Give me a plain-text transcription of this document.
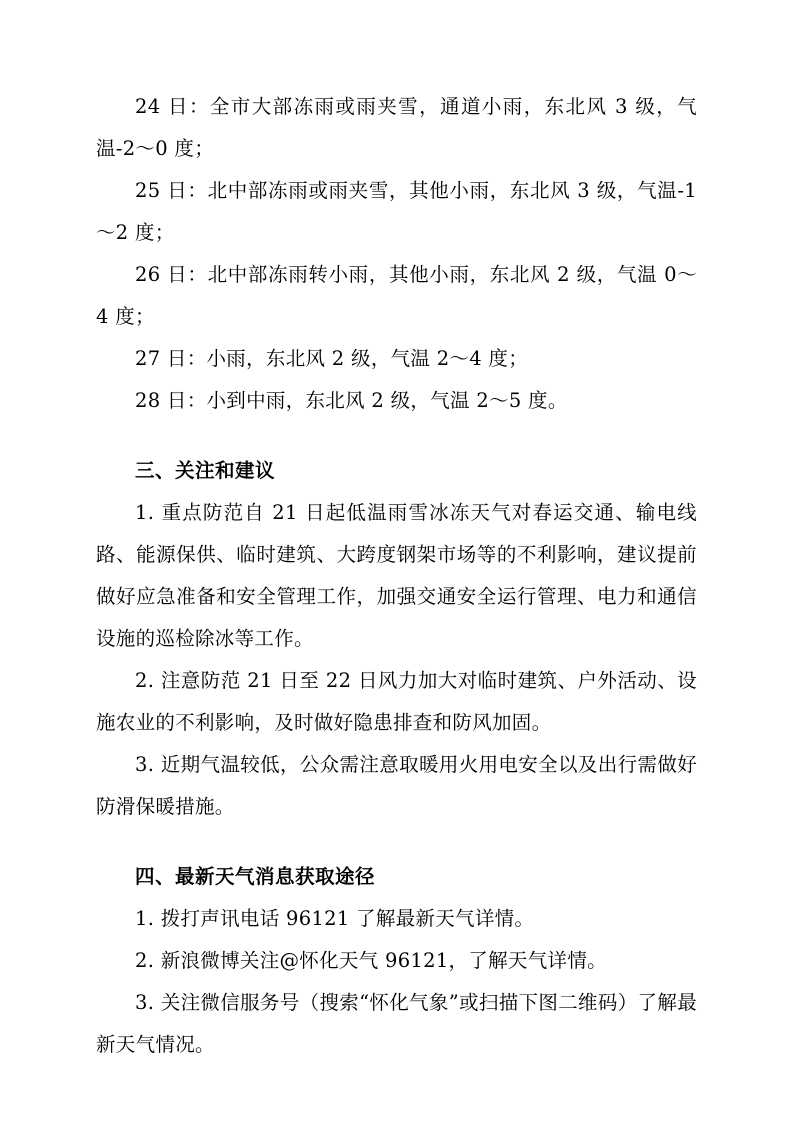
24 日：全市大部冻雨或雨夹雪，通道小雨，东北风 3 级，气温-2～0 度；

25 日：北中部冻雨或雨夹雪，其他小雨，东北风 3 级，气温-1～2 度；

26 日：北中部冻雨转小雨，其他小雨，东北风 2 级，气温 0～4 度；

27 日：小雨，东北风 2 级，气温 2～4 度；

28 日：小到中雨，东北风 2 级，气温 2～5 度。

三、关注和建议

1. 重点防范自 21 日起低温雨雪冰冻天气对春运交通、输电线路、能源保供、临时建筑、大跨度钢架市场等的不利影响，建议提前做好应急准备和安全管理工作，加强交通安全运行管理、电力和通信设施的巡检除冰等工作。

2. 注意防范 21 日至 22 日风力加大对临时建筑、户外活动、设施农业的不利影响，及时做好隐患排查和防风加固。

3. 近期气温较低，公众需注意取暖用火用电安全以及出行需做好防滑保暖措施。

四、最新天气消息获取途径

1. 拨打声讯电话 96121 了解最新天气详情。

2. 新浪微博关注@怀化天气 96121，了解天气详情。

3. 关注微信服务号（搜索“怀化气象”或扫描下图二维码）了解最新天气情况。
